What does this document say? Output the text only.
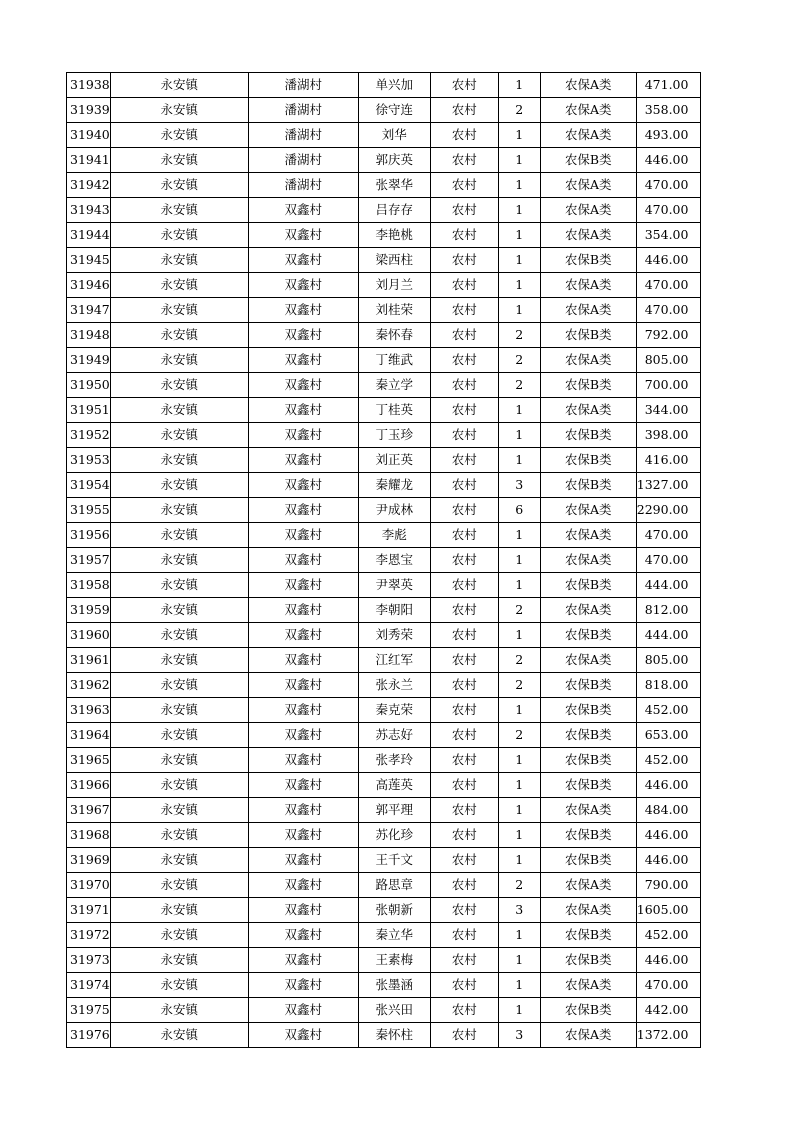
31938	永安镇	潘湖村	单兴加	农村	1	农保A类	471.00
31939	永安镇	潘湖村	徐守连	农村	2	农保A类	358.00
31940	永安镇	潘湖村	刘华	农村	1	农保A类	493.00
31941	永安镇	潘湖村	郭庆英	农村	1	农保B类	446.00
31942	永安镇	潘湖村	张翠华	农村	1	农保A类	470.00
31943	永安镇	双鑫村	吕存存	农村	1	农保A类	470.00
31944	永安镇	双鑫村	李艳桃	农村	1	农保A类	354.00
31945	永安镇	双鑫村	梁西柱	农村	1	农保B类	446.00
31946	永安镇	双鑫村	刘月兰	农村	1	农保A类	470.00
31947	永安镇	双鑫村	刘桂荣	农村	1	农保A类	470.00
31948	永安镇	双鑫村	秦怀春	农村	2	农保B类	792.00
31949	永安镇	双鑫村	丁维武	农村	2	农保A类	805.00
31950	永安镇	双鑫村	秦立学	农村	2	农保B类	700.00
31951	永安镇	双鑫村	丁桂英	农村	1	农保A类	344.00
31952	永安镇	双鑫村	丁玉珍	农村	1	农保B类	398.00
31953	永安镇	双鑫村	刘正英	农村	1	农保B类	416.00
31954	永安镇	双鑫村	秦耀龙	农村	3	农保B类	1327.00
31955	永安镇	双鑫村	尹成林	农村	6	农保A类	2290.00
31956	永安镇	双鑫村	李彪	农村	1	农保A类	470.00
31957	永安镇	双鑫村	李恩宝	农村	1	农保A类	470.00
31958	永安镇	双鑫村	尹翠英	农村	1	农保B类	444.00
31959	永安镇	双鑫村	李朝阳	农村	2	农保A类	812.00
31960	永安镇	双鑫村	刘秀荣	农村	1	农保B类	444.00
31961	永安镇	双鑫村	江红军	农村	2	农保A类	805.00
31962	永安镇	双鑫村	张永兰	农村	2	农保B类	818.00
31963	永安镇	双鑫村	秦克荣	农村	1	农保B类	452.00
31964	永安镇	双鑫村	苏志好	农村	2	农保B类	653.00
31965	永安镇	双鑫村	张孝玲	农村	1	农保B类	452.00
31966	永安镇	双鑫村	高莲英	农村	1	农保B类	446.00
31967	永安镇	双鑫村	郭平理	农村	1	农保A类	484.00
31968	永安镇	双鑫村	苏化珍	农村	1	农保B类	446.00
31969	永安镇	双鑫村	王千文	农村	1	农保B类	446.00
31970	永安镇	双鑫村	路思章	农村	2	农保A类	790.00
31971	永安镇	双鑫村	张朝新	农村	3	农保A类	1605.00
31972	永安镇	双鑫村	秦立华	农村	1	农保B类	452.00
31973	永安镇	双鑫村	王素梅	农村	1	农保B类	446.00
31974	永安镇	双鑫村	张墨涵	农村	1	农保A类	470.00
31975	永安镇	双鑫村	张兴田	农村	1	农保B类	442.00
31976	永安镇	双鑫村	秦怀柱	农村	3	农保A类	1372.00
